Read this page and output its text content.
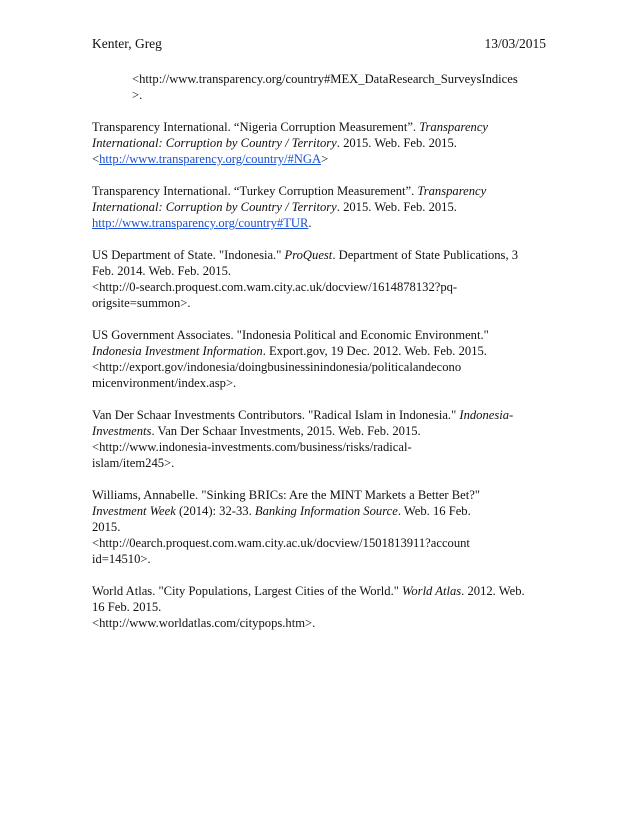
Kenter, Greg	13/03/2015
<http://www.transparency.org/country#MEX_DataResearch_SurveysIndices
>.
Transparency International. “Nigeria Corruption Measurement”. Transparency
International: Corruption by Country / Territory. 2015. Web. Feb. 2015.
<http://www.transparency.org/country/#NGA>
Transparency International. “Turkey Corruption Measurement”. Transparency
International: Corruption by Country / Territory. 2015. Web. Feb. 2015.
http://www.transparency.org/country#TUR.
US Department of State. "Indonesia." ProQuest. Department of State Publications, 3
Feb. 2014. Web. Feb. 2015.
<http://0-search.proquest.com.wam.city.ac.uk/docview/1614878132?pq-
origsite=summon>.
US Government Associates. "Indonesia Political and Economic Environment."
Indonesia Investment Information. Export.gov, 19 Dec. 2012. Web. Feb. 2015.
<http://export.gov/indonesia/doingbusinessinindonesia/politicalandecono
micenvironment/index.asp>.
Van Der Schaar Investments Contributors. "Radical Islam in Indonesia." Indonesia-
Investments. Van Der Schaar Investments, 2015. Web. Feb. 2015.
<http://www.indonesia-investments.com/business/risks/radical-
islam/item245>.
Williams, Annabelle. "Sinking BRICs: Are the MINT Markets a Better Bet?"
Investment Week (2014): 32-33. Banking Information Source. Web. 16 Feb.
2015.
<http://0earch.proquest.com.wam.city.ac.uk/docview/1501813911?account
id=14510>.
World Atlas. "City Populations, Largest Cities of the World." World Atlas. 2012. Web.
16 Feb. 2015.
<http://www.worldatlas.com/citypops.htm>.
